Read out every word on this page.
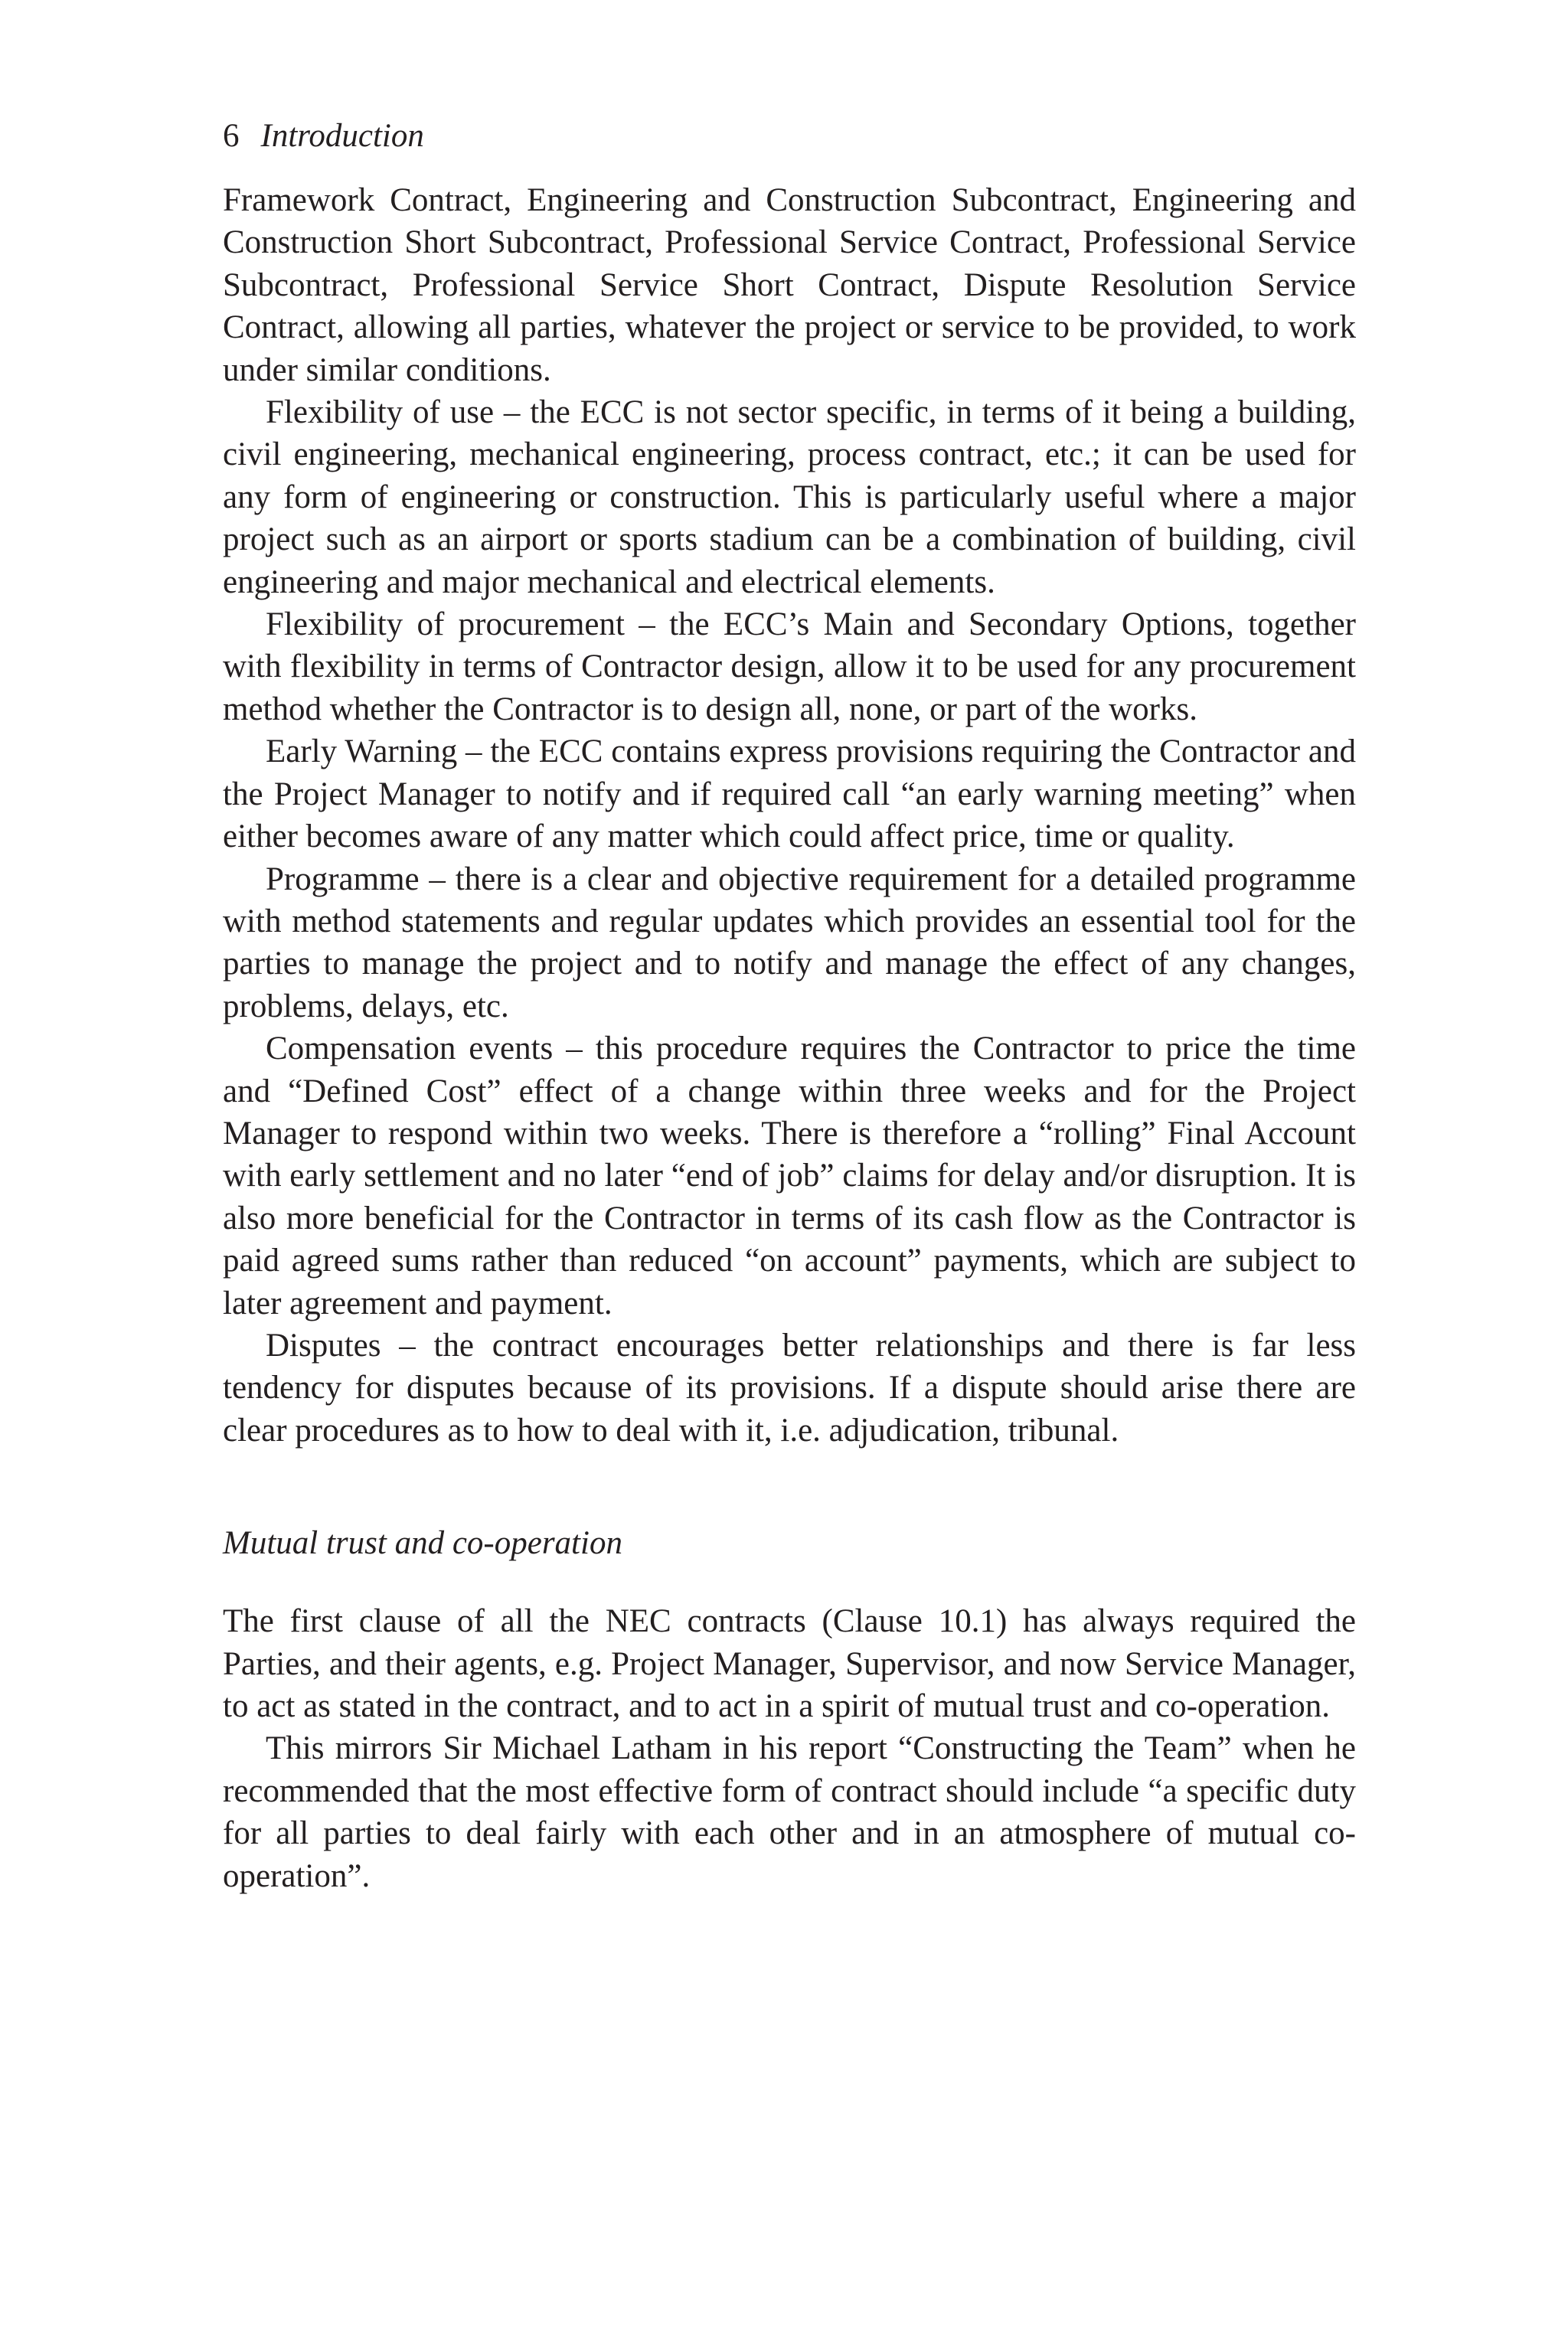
6 Introduction

Framework Contract, Engineering and Construction Subcontract, Engineering and Construction Short Subcontract, Professional Service Contract, Professional Service Subcontract, Professional Service Short Contract, Dispute Resolution Service Contract, allowing all parties, whatever the project or service to be provided, to work under similar conditions.

Flexibility of use – the ECC is not sector specific, in terms of it being a building, civil engineering, mechanical engineering, process contract, etc.; it can be used for any form of engineering or construction. This is particularly useful where a major project such as an airport or sports stadium can be a combination of building, civil engineering and major mechanical and electrical elements.

Flexibility of procurement – the ECC’s Main and Secondary Options, together with flexibility in terms of Contractor design, allow it to be used for any procurement method whether the Contractor is to design all, none, or part of the works.

Early Warning – the ECC contains express provisions requiring the Contractor and the Project Manager to notify and if required call “an early warning meeting” when either becomes aware of any matter which could affect price, time or quality.

Programme – there is a clear and objective requirement for a detailed programme with method statements and regular updates which provides an essential tool for the parties to manage the project and to notify and manage the effect of any changes, problems, delays, etc.

Compensation events – this procedure requires the Contractor to price the time and “Defined Cost” effect of a change within three weeks and for the Project Manager to respond within two weeks. There is therefore a “rolling” Final Account with early settlement and no later “end of job” claims for delay and/or disruption. It is also more beneficial for the Contractor in terms of its cash flow as the Contractor is paid agreed sums rather than reduced “on account” payments, which are subject to later agreement and payment.

Disputes – the contract encourages better relationships and there is far less tendency for disputes because of its provisions. If a dispute should arise there are clear procedures as to how to deal with it, i.e. adjudication, tribunal.

Mutual trust and co-operation

The first clause of all the NEC contracts (Clause 10.1) has always required the Parties, and their agents, e.g. Project Manager, Supervisor, and now Service Manager, to act as stated in the contract, and to act in a spirit of mutual trust and co-operation.

This mirrors Sir Michael Latham in his report “Constructing the Team” when he recommended that the most effective form of contract should include “a specific duty for all parties to deal fairly with each other and in an atmosphere of mutual co-operation”.
